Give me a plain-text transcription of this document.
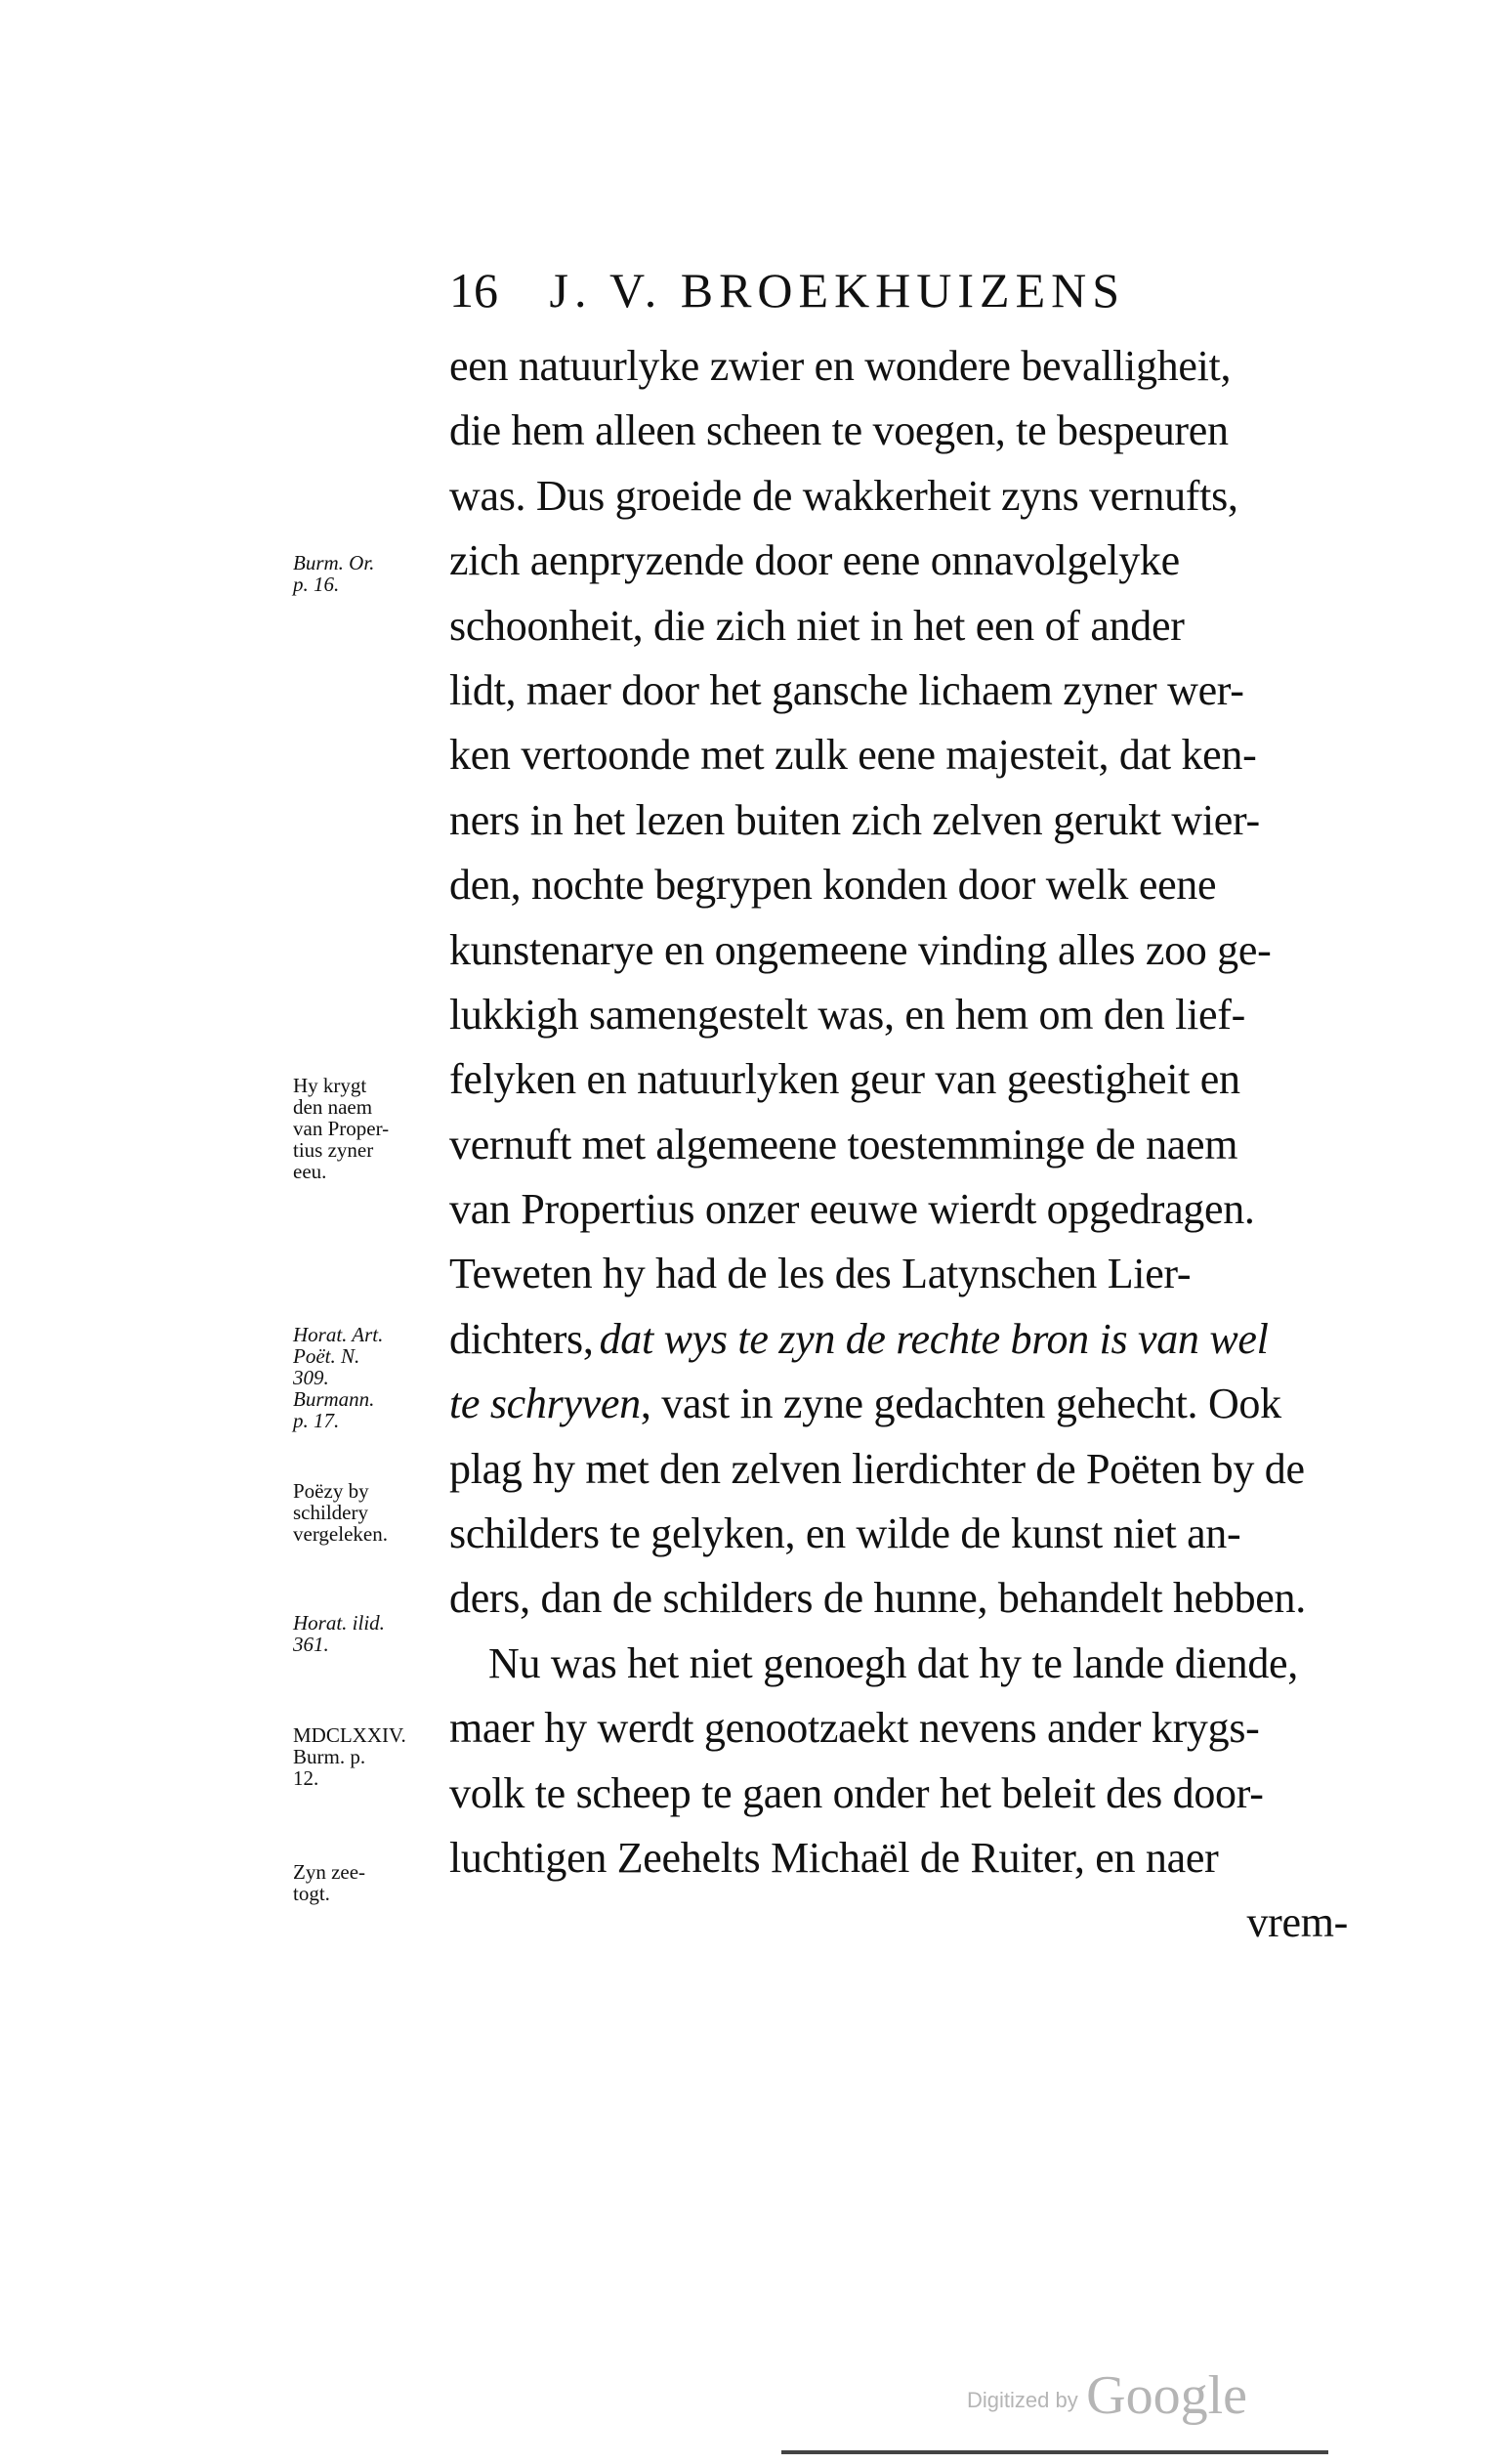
16 J. V. BROEKHUIZENS
een natuurlyke zwier en wondere bevalligheit,
die hem alleen scheen te voegen, te bespeuren
was. Dus groeide de wakkerheit zyns vernufts,
zich aenpryzende door eene onnavolgelyke
schoonheit, die zich niet in het een of ander
lidt, maer door het gansche lichaem zyner wer-
ken vertoonde met zulk eene majesteit, dat ken-
ners in het lezen buiten zich zelven gerukt wier-
den, nochte begrypen konden door welk eene
kunstenarye en ongemeene vinding alles zoo ge-
lukkigh samengestelt was, en hem om den lief-
felyken en natuurlyken geur van geestigheit en
vernuft met algemeene toestemminge de naem
van Propertius onzer eeuwe wierdt opgedragen.
Teweten hy had de les des Latynschen Lier-
dichters, dat wys te zyn de rechte bron is van wel
te schryven , vast in zyne gedachten gehecht. Ook
plag hy met den zelven lierdichter de Poëten by de
schilders te gelyken, en wilde de kunst niet an-
ders, dan de schilders de hunne, behandelt hebben.
Nu was het niet genoegh dat hy te lande diende,
maer hy werdt genootzaekt nevens ander krygs-
volk te scheep te gaen onder het beleit des door-
luchtigen Zeehelts Michaël de Ruiter, en naer
vrem-
Burm. Or.
p. 16.
Hy krygt
den naem
van Proper-
tius zyner
eeu.
Horat. Art.
Poët. N.
309.
Burmann.
p. 17.
Poëzy by
schildery
vergeleken.
Horat. ilid.
361.
MDCLXXIV.
Burm. p.
12.
Zyn zee-
togt.
Digitized by Google
